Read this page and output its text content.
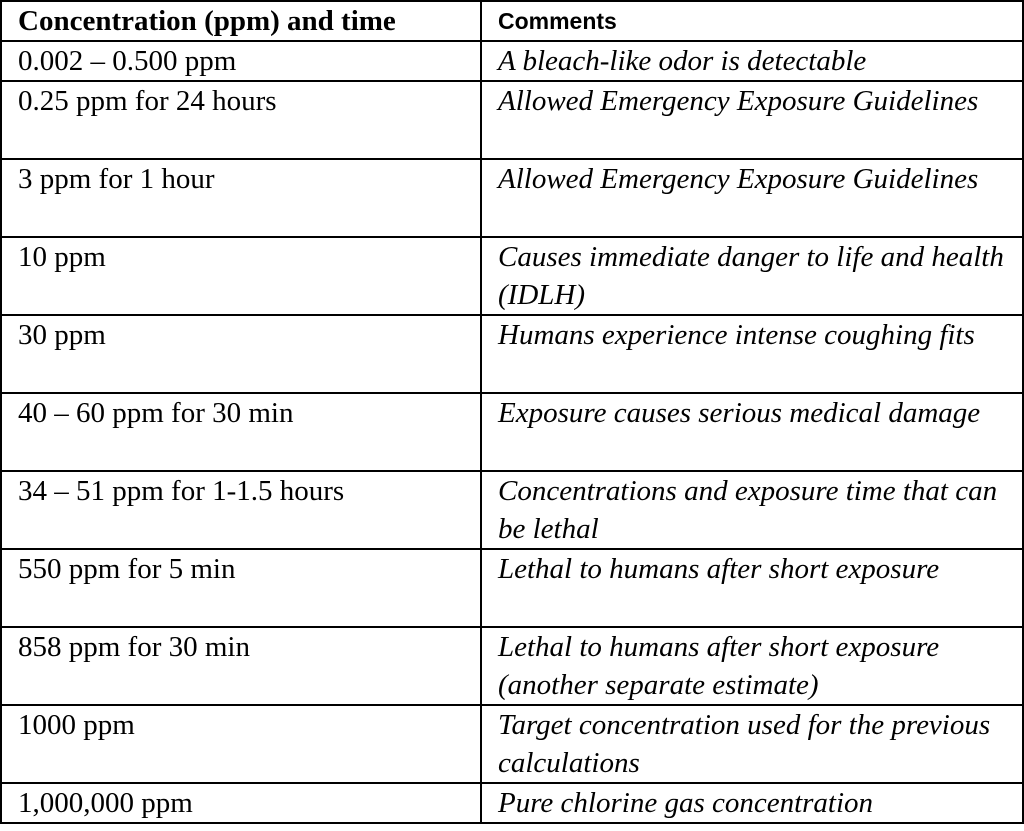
Concentration (ppm) and time	Comments
0.002 – 0.500 ppm	A bleach-like odor is detectable
0.25 ppm for 24 hours	Allowed Emergency Exposure Guidelines
3 ppm for 1 hour	Allowed Emergency Exposure Guidelines
10 ppm	Causes immediate danger to life and health (IDLH)
30 ppm	Humans experience intense coughing fits
40 – 60 ppm for 30 min	Exposure causes serious medical damage
34 – 51 ppm for 1-1.5 hours	Concentrations and exposure time that can be lethal
550 ppm for 5 min	Lethal to humans after short exposure
858 ppm for 30 min	Lethal to humans after short exposure (another separate estimate)
1000 ppm	Target concentration used for the previous calculations
1,000,000 ppm	Pure chlorine gas concentration
